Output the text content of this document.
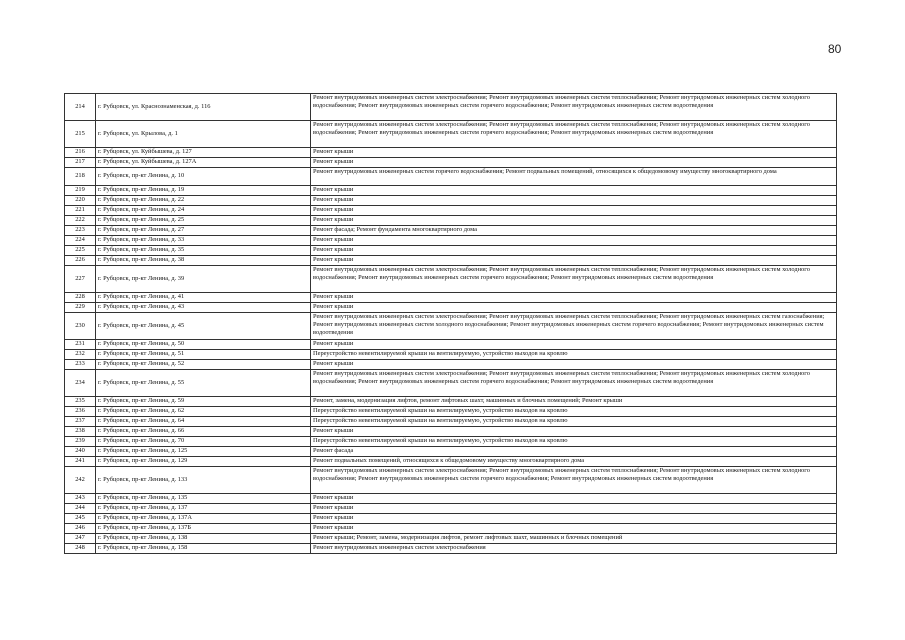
80
214	г. Рубцовск, ул. Краснознаменская, д. 116	Ремонт внутридомовых инженерных систем электроснабжения; Ремонт внутридомовых инженерных систем теплоснабжения; Ремонт внутридомовых инженерных систем холодного водоснабжения; Ремонт внутридомовых инженерных систем горячего водоснабжения; Ремонт внутридомовых инженерных систем водоотведения
215	г. Рубцовск, ул. Крылова, д. 1	Ремонт внутридомовых инженерных систем электроснабжения; Ремонт внутридомовых инженерных систем теплоснабжения; Ремонт внутридомовых инженерных систем холодного водоснабжения; Ремонт внутридомовых инженерных систем горячего водоснабжения; Ремонт внутридомовых инженерных систем водоотведения
216	г. Рубцовск, ул. Куйбышева, д. 127	Ремонт крыши
217	г. Рубцовск, ул. Куйбышева, д. 127А	Ремонт крыши
218	г. Рубцовск, пр-кт Ленина, д. 10	Ремонт внутридомовых инженерных систем горячего водоснабжения; Ремонт подвальных помещений, относящихся к общедомовому имуществу многоквартирного дома
219	г. Рубцовск, пр-кт Ленина, д. 19	Ремонт крыши
220	г. Рубцовск, пр-кт Ленина, д. 22	Ремонт крыши
221	г. Рубцовск, пр-кт Ленина, д. 24	Ремонт крыши
222	г. Рубцовск, пр-кт Ленина, д. 25	Ремонт крыши
223	г. Рубцовск, пр-кт Ленина, д. 27	Ремонт фасада; Ремонт фундамента многоквартирного дома
224	г. Рубцовск, пр-кт Ленина, д. 33	Ремонт крыши
225	г. Рубцовск, пр-кт Ленина, д. 35	Ремонт крыши
226	г. Рубцовск, пр-кт Ленина, д. 38	Ремонт крыши
227	г. Рубцовск, пр-кт Ленина, д. 39	Ремонт внутридомовых инженерных систем электроснабжения; Ремонт внутридомовых инженерных систем теплоснабжения; Ремонт внутридомовых инженерных систем холодного водоснабжения; Ремонт внутридомовых инженерных систем горячего водоснабжения; Ремонт внутридомовых инженерных систем водоотведения
228	г. Рубцовск, пр-кт Ленина, д. 41	Ремонт крыши
229	г. Рубцовск, пр-кт Ленина, д. 43	Ремонт крыши
230	г. Рубцовск, пр-кт Ленина, д. 45	Ремонт внутридомовых инженерных систем электроснабжения; Ремонт внутридомовых инженерных систем теплоснабжения; Ремонт внутридомовых инженерных систем газоснабжения; Ремонт внутридомовых инженерных систем холодного водоснабжения; Ремонт внутридомовых инженерных систем горячего водоснабжения; Ремонт внутридомовых инженерных систем водоотведения
231	г. Рубцовск, пр-кт Ленина, д. 50	Ремонт крыши
232	г. Рубцовск, пр-кт Ленина, д. 51	Переустройство невентилируемой крыши на вентилируемую, устройство выходов на кровлю
233	г. Рубцовск, пр-кт Ленина, д. 52	Ремонт крыши
234	г. Рубцовск, пр-кт Ленина, д. 55	Ремонт внутридомовых инженерных систем электроснабжения; Ремонт внутридомовых инженерных систем теплоснабжения; Ремонт внутридомовых инженерных систем холодного водоснабжения; Ремонт внутридомовых инженерных систем горячего водоснабжения; Ремонт внутридомовых инженерных систем водоотведения
235	г. Рубцовск, пр-кт Ленина, д. 59	Ремонт, замена, модернизация лифтов, ремонт лифтовых шахт, машинных и блочных помещений; Ремонт крыши
236	г. Рубцовск, пр-кт Ленина, д. 62	Переустройство невентилируемой крыши на вентилируемую, устройство выходов на кровлю
237	г. Рубцовск, пр-кт Ленина, д. 64	Переустройство невентилируемой крыши на вентилируемую, устройство выходов на кровлю
238	г. Рубцовск, пр-кт Ленина, д. 66	Ремонт крыши
239	г. Рубцовск, пр-кт Ленина, д. 70	Переустройство невентилируемой крыши на вентилируемую, устройство выходов на кровлю
240	г. Рубцовск, пр-кт Ленина, д. 125	Ремонт фасада
241	г. Рубцовск, пр-кт Ленина, д. 129	Ремонт подвальных помещений, относящихся к общедомовому имуществу многоквартирного дома
242	г. Рубцовск, пр-кт Ленина, д. 133	Ремонт внутридомовых инженерных систем электроснабжения; Ремонт внутридомовых инженерных систем теплоснабжения; Ремонт внутридомовых инженерных систем холодного водоснабжения; Ремонт внутридомовых инженерных систем горячего водоснабжения; Ремонт внутридомовых инженерных систем водоотведения
243	г. Рубцовск, пр-кт Ленина, д. 135	Ремонт крыши
244	г. Рубцовск, пр-кт Ленина, д. 137	Ремонт крыши
245	г. Рубцовск, пр-кт Ленина, д. 137А	Ремонт крыши
246	г. Рубцовск, пр-кт Ленина, д. 137Б	Ремонт крыши
247	г. Рубцовск, пр-кт Ленина, д. 138	Ремонт крыши; Ремонт, замена, модернизация лифтов, ремонт лифтовых шахт, машинных и блочных помещений
248	г. Рубцовск, пр-кт Ленина, д. 158	Ремонт внутридомовых инженерных систем электроснабжения
